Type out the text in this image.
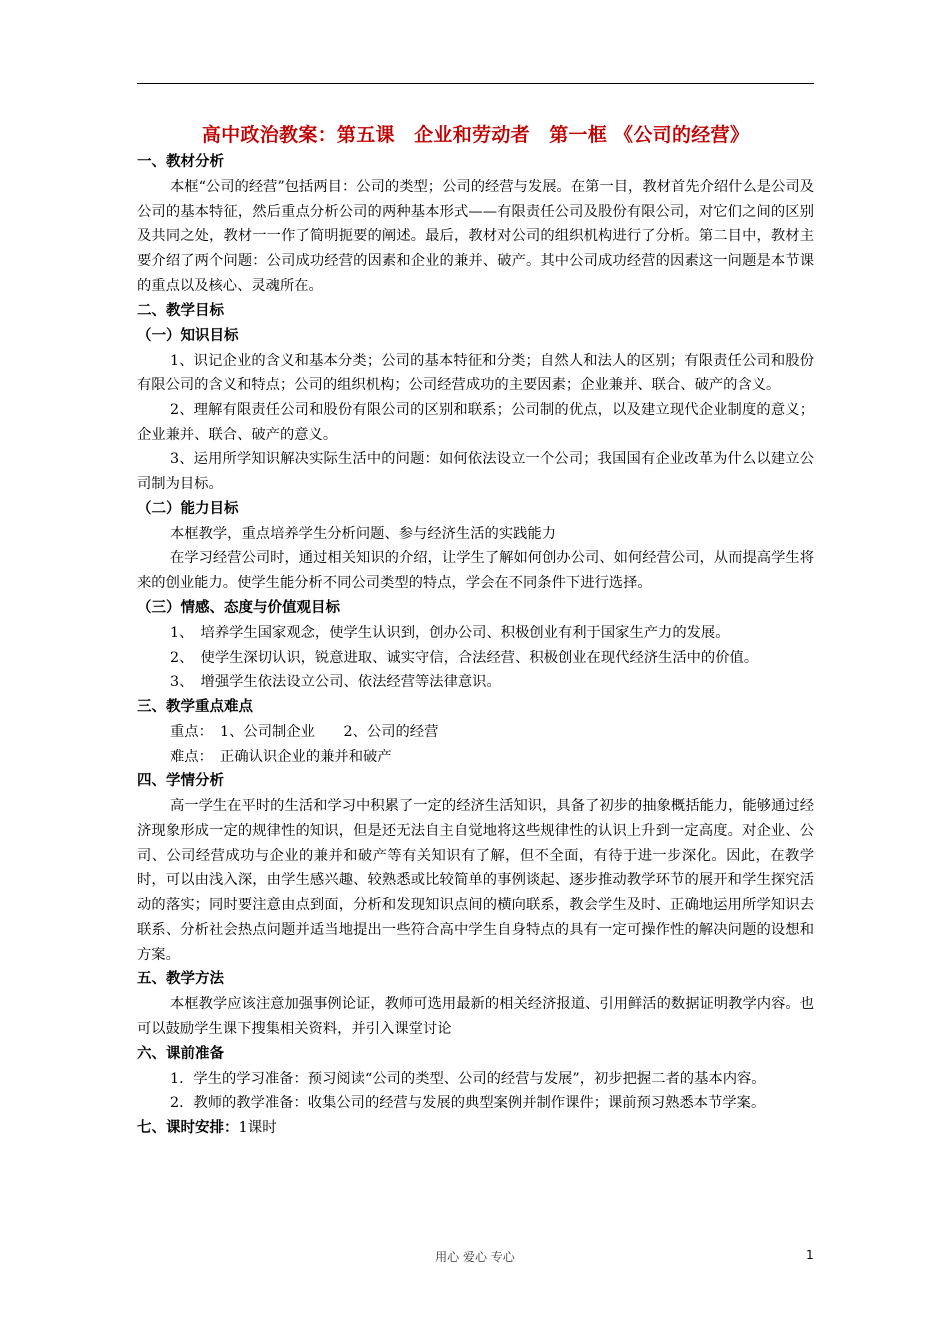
高中政治教案：第五课　企业和劳动者　第一框 《公司的经营》
一、教材分析

本框“公司的经营”包括两目：公司的类型；公司的经营与发展。在第一目，教材首先介绍什么是公司及公司的基本特征，然后重点分析公司的两种基本形式——有限责任公司及股份有限公司，对它们之间的区别及共同之处，教材一一作了简明扼要的阐述。最后，教材对公司的组织机构进行了分析。第二目中，教材主要介绍了两个问题：公司成功经营的因素和企业的兼并、破产。其中公司成功经营的因素这一问题是本节课的重点以及核心、灵魂所在。

二、教学目标
（一）知识目标

1、识记企业的含义和基本分类；公司的基本特征和分类；自然人和法人的区别；有限责任公司和股份有限公司的含义和特点；公司的组织机构；公司经营成功的主要因素；企业兼并、联合、破产的含义。

2、理解有限责任公司和股份有限公司的区别和联系；公司制的优点，以及建立现代企业制度的意义；企业兼并、联合、破产的意义。

3、运用所学知识解决实际生活中的问题：如何依法设立一个公司；我国国有企业改革为什么以建立公司制为目标。

（二）能力目标

本框教学，重点培养学生分析问题、参与经济生活的实践能力

在学习经营公司时，通过相关知识的介绍，让学生了解如何创办公司、如何经营公司，从而提高学生将来的创业能力。使学生能分析不同公司类型的特点，学会在不同条件下进行选择。

（三）情感、态度与价值观目标

1、　培养学生国家观念，使学生认识到，创办公司、积极创业有利于国家生产力的发展。

2、　使学生深切认识，锐意进取、诚实守信，合法经营、积极创业在现代经济生活中的价值。

3、　增强学生依法设立公司、依法经营等法律意识。

三、教学重点难点

重点：　1、公司制企业　　2、公司的经营

难点：　正确认识企业的兼并和破产

四、学情分析

高一学生在平时的生活和学习中积累了一定的经济生活知识，具备了初步的抽象概括能力，能够通过经济现象形成一定的规律性的知识，但是还无法自主自觉地将这些规律性的认识上升到一定高度。对企业、公司、公司经营成功与企业的兼并和破产等有关知识有了解，但不全面，有待于进一步深化。因此，在教学时，可以由浅入深，由学生感兴趣、较熟悉或比较简单的事例谈起、逐步推动教学环节的展开和学生探究活动的落实；同时要注意由点到面，分析和发现知识点间的横向联系，教会学生及时、正确地运用所学知识去联系、分析社会热点问题并适当地提出一些符合高中学生自身特点的具有一定可操作性的解决问题的设想和方案。

五、教学方法

本框教学应该注意加强事例论证，教师可选用最新的相关经济报道、引用鲜活的数据证明教学内容。也可以鼓励学生课下搜集相关资料，并引入课堂讨论

六、课前准备

1．学生的学习准备：预习阅读“公司的类型、公司的经营与发展”，初步把握二者的基本内容。

2．教师的教学准备：收集公司的经营与发展的典型案例并制作课件；课前预习熟悉本节学案。

七、课时安排：1课时
用心 爱心 专心	1
